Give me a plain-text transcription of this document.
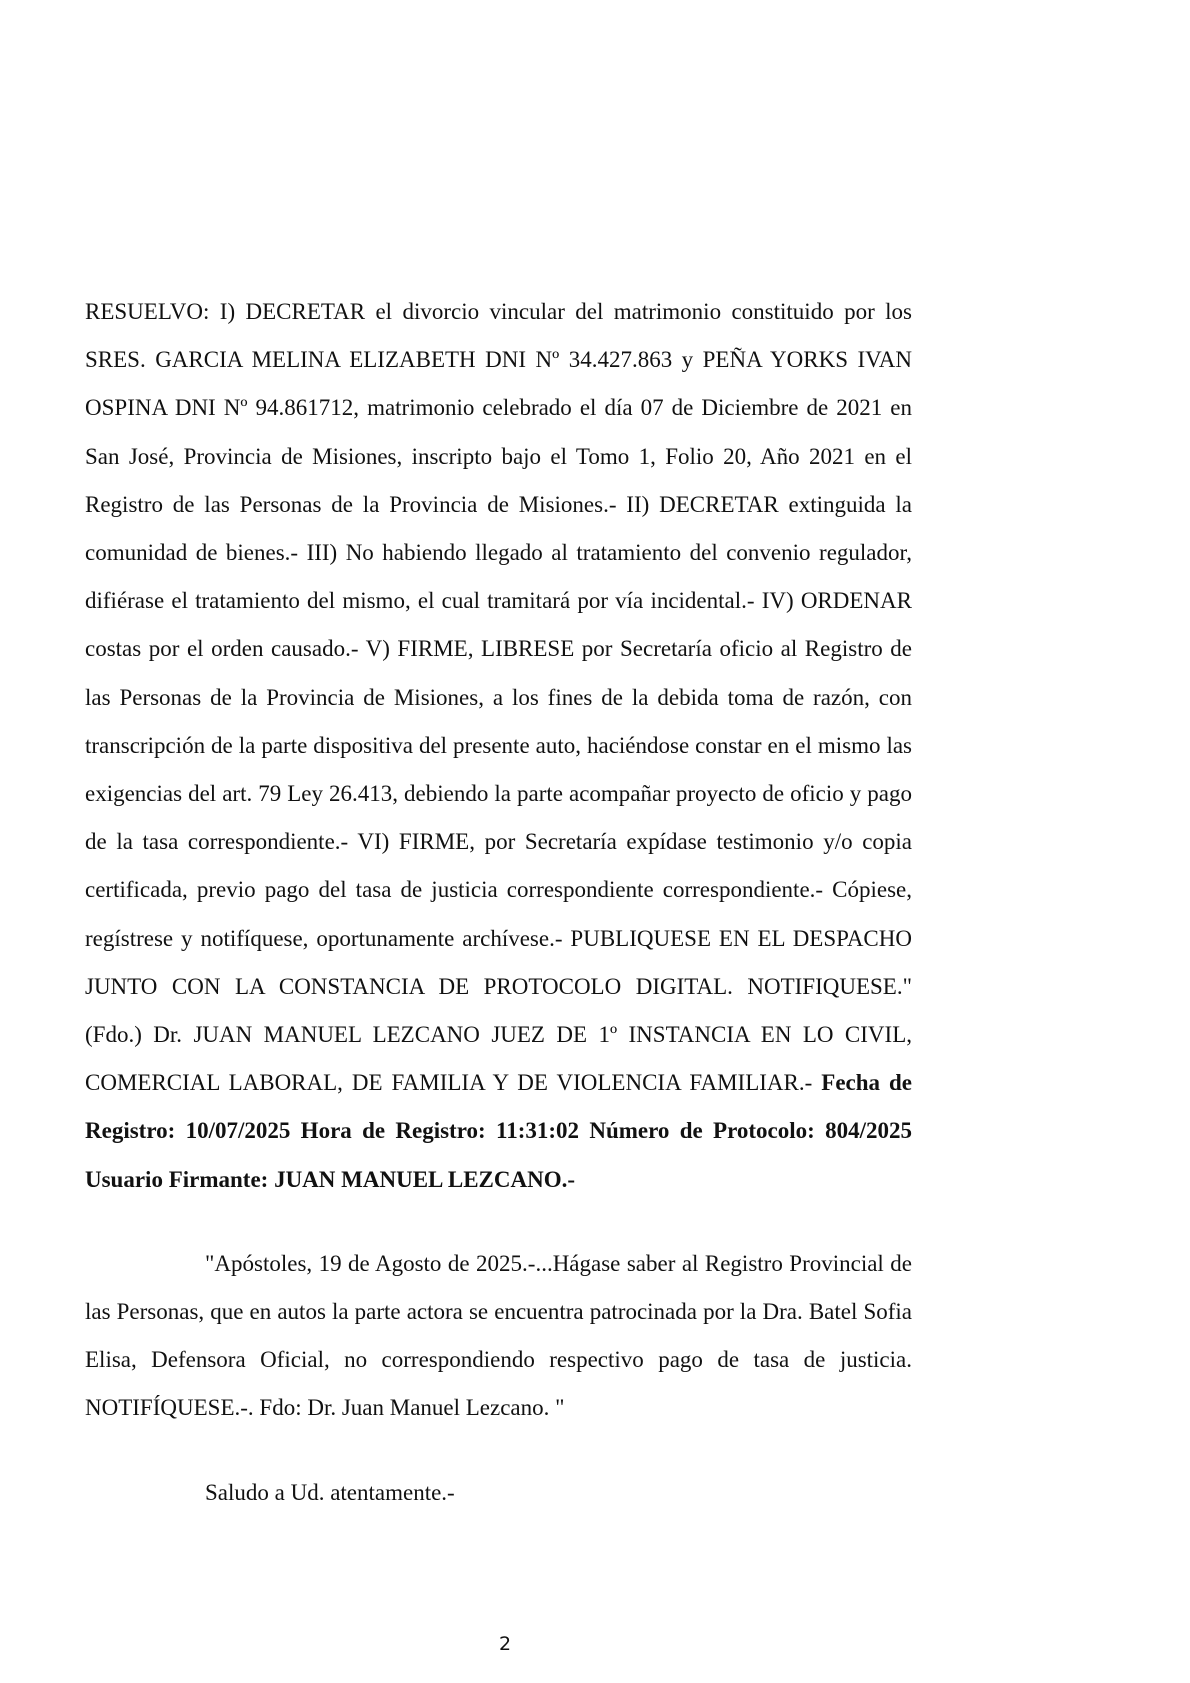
RESUELVO: I) DECRETAR el divorcio vincular del matrimonio constituido por los SRES. GARCIA MELINA ELIZABETH DNI Nº 34.427.863 y PEÑA YORKS IVAN OSPINA DNI Nº 94.861712, matrimonio celebrado el día 07 de Diciembre de 2021 en San José, Provincia de Misiones, inscripto bajo el Tomo 1, Folio 20, Año 2021 en el Registro de las Personas de la Provincia de Misiones.- II) DECRETAR extinguida la comunidad de bienes.- III) No habiendo llegado al tratamiento del convenio regulador, difiérase el tratamiento del mismo, el cual tramitará por vía incidental.- IV) ORDENAR costas por el orden causado.- V) FIRME, LIBRESE por Secretaría oficio al Registro de las Personas de la Provincia de Misiones, a los fines de la debida toma de razón, con transcripción de la parte dispositiva del presente auto, haciéndose constar en el mismo las exigencias del art. 79 Ley 26.413, debiendo la parte acompañar proyecto de oficio y pago de la tasa correspondiente.- VI) FIRME, por Secretaría expídase testimonio y/o copia certificada, previo pago del tasa de justicia correspondiente correspondiente.- Cópiese, regístrese y notifíquese, oportunamente archívese.- PUBLIQUESE EN EL DESPACHO JUNTO CON LA CONSTANCIA DE PROTOCOLO DIGITAL. NOTIFIQUESE." (Fdo.) Dr. JUAN MANUEL LEZCANO JUEZ DE 1º INSTANCIA EN LO CIVIL, COMERCIAL LABORAL, DE FAMILIA Y DE VIOLENCIA FAMILIAR.- Fecha de Registro: 10/07/2025 Hora de Registro: 11:31:02 Número de Protocolo: 804/2025 Usuario Firmante: JUAN MANUEL LEZCANO.-

"Apóstoles, 19 de Agosto de 2025.-...Hágase saber al Registro Provincial de las Personas, que en autos la parte actora se encuentra patrocinada por la Dra. Batel Sofia Elisa, Defensora Oficial, no correspondiendo respectivo pago de tasa de justicia. NOTIFÍQUESE.-. Fdo: Dr. Juan Manuel Lezcano. "

Saludo a Ud. atentamente.-

2
